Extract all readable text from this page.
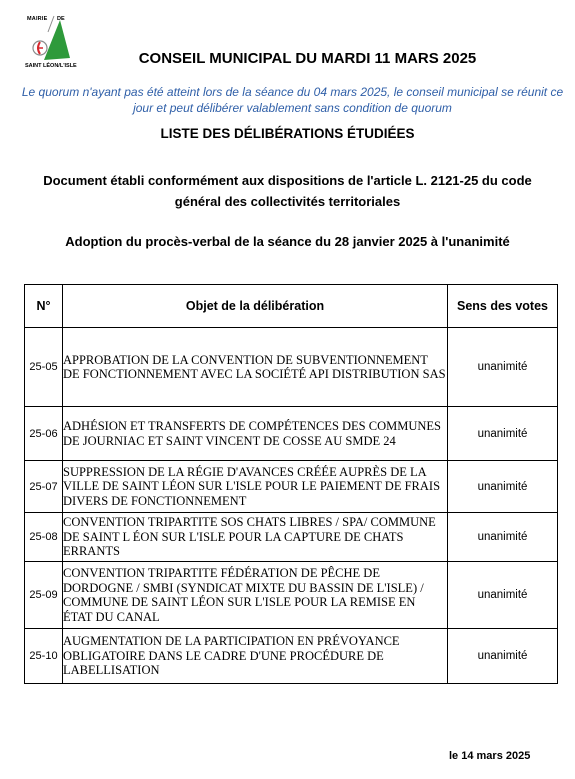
MAIRIE DE
SAINT LÉON/L'ISLE	CONSEIL MUNICIPAL DU MARDI 11 MARS 2025
Le quorum n'ayant pas été atteint lors de la séance du 04 mars 2025, le conseil municipal se réunit ce jour et peut délibérer valablement sans condition de quorum
LISTE DES DÉLIBÉRATIONS ÉTUDIÉES
Document établi conformément aux dispositions de l'article L. 2121-25 du code général des collectivités territoriales
Adoption du procès-verbal de la séance du 28 janvier 2025 à l'unanimité
N°	Objet de la délibération	Sens des votes
25-05	APPROBATION DE LA CONVENTION DE SUBVENTIONNEMENT DE FONCTIONNEMENT AVEC LA SOCIÉTÉ API DISTRIBUTION SAS	unanimité
25-06	ADHÉSION ET TRANSFERTS DE COMPÉTENCES DES COMMUNES DE JOURNIAC ET SAINT VINCENT DE COSSE AU SMDE 24	unanimité
25-07	SUPPRESSION DE LA RÉGIE D'AVANCES CRÉÉE AUPRÈS DE LA VILLE DE SAINT LÉON SUR L'ISLE POUR LE PAIEMENT DE FRAIS DIVERS DE FONCTIONNEMENT	unanimité
25-08	CONVENTION TRIPARTITE SOS CHATS LIBRES / SPA/ COMMUNE DE SAINT L ÉON SUR L'ISLE POUR LA CAPTURE DE CHATS ERRANTS	unanimité
25-09	CONVENTION TRIPARTITE FÉDÉRATION DE PÊCHE DE DORDOGNE / SMBI (SYNDICAT MIXTE DU BASSIN DE L'ISLE) / COMMUNE DE SAINT LÉON SUR L'ISLE POUR LA REMISE EN ÉTAT DU CANAL	unanimité
25-10	AUGMENTATION DE LA PARTICIPATION EN PRÉVOYANCE OBLIGATOIRE DANS LE CADRE D'UNE PROCÉDURE DE LABELLISATION	unanimité
le 14 mars 2025
